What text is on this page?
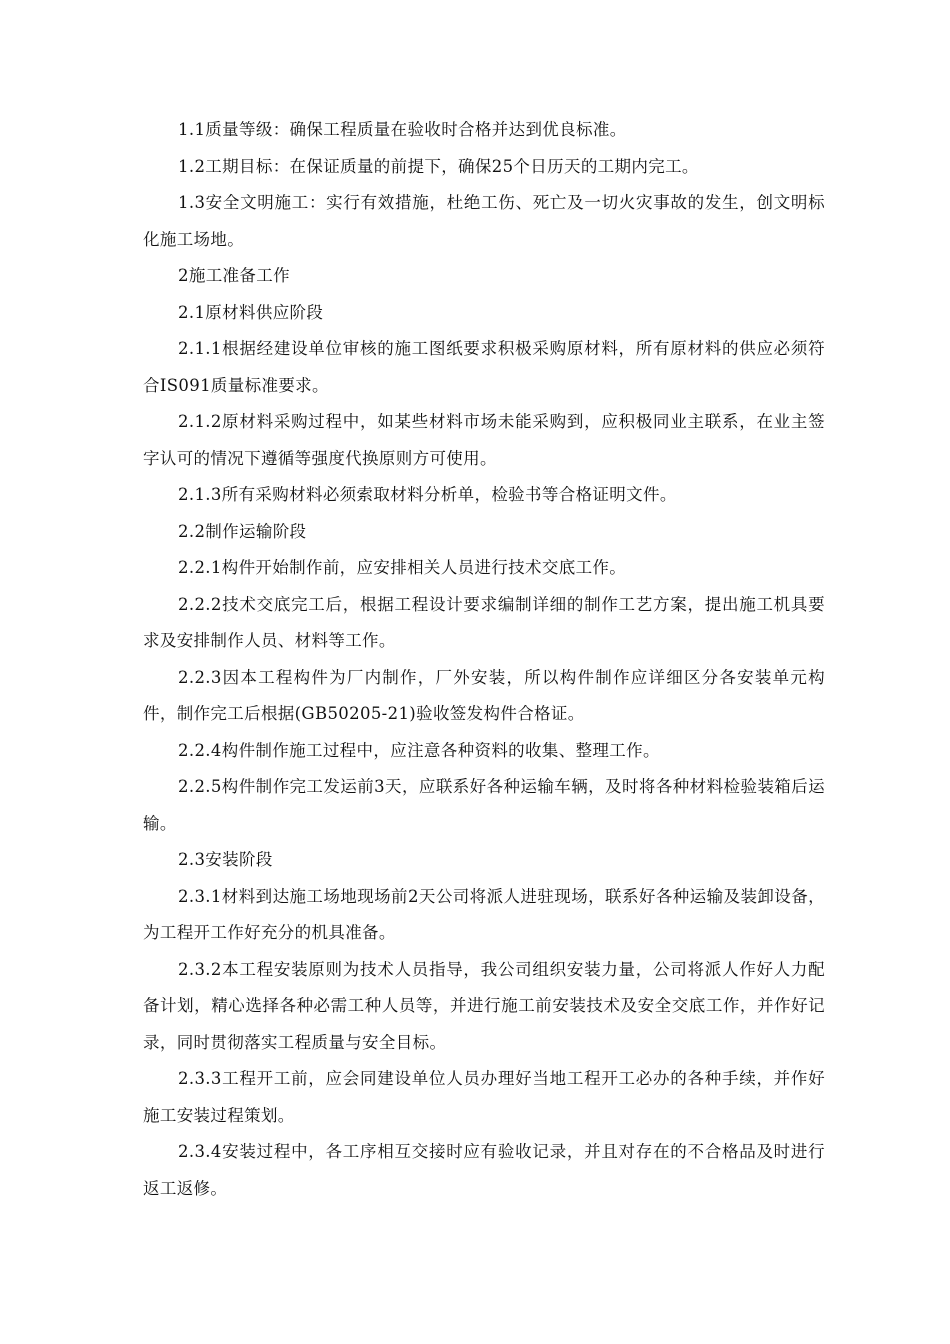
1.1质量等级：确保工程质量在验收时合格并达到优良标准。

1.2工期目标：在保证质量的前提下，确保25个日历天的工期内完工。

1.3安全文明施工：实行有效措施，杜绝工伤、死亡及一切火灾事故的发生，创文明标化施工场地。

2施工准备工作

2.1原材料供应阶段

2.1.1根据经建设单位审核的施工图纸要求积极采购原材料，所有原材料的供应必须符合IS091质量标准要求。

2.1.2原材料采购过程中，如某些材料市场未能采购到，应积极同业主联系，在业主签字认可的情况下遵循等强度代换原则方可使用。

2.1.3所有采购材料必须索取材料分析单，检验书等合格证明文件。

2.2制作运输阶段

2.2.1构件开始制作前，应安排相关人员进行技术交底工作。

2.2.2技术交底完工后，根据工程设计要求编制详细的制作工艺方案，提出施工机具要求及安排制作人员、材料等工作。

2.2.3因本工程构件为厂内制作，厂外安装，所以构件制作应详细区分各安装单元构件，制作完工后根据(GB50205-21)验收签发构件合格证。

2.2.4构件制作施工过程中，应注意各种资料的收集、整理工作。

2.2.5构件制作完工发运前3天，应联系好各种运输车辆，及时将各种材料检验装箱后运输。

2.3安装阶段

2.3.1材料到达施工场地现场前2天公司将派人进驻现场，联系好各种运输及装卸设备，为工程开工作好充分的机具准备。

2.3.2本工程安装原则为技术人员指导，我公司组织安装力量，公司将派人作好人力配备计划，精心选择各种必需工种人员等，并进行施工前安装技术及安全交底工作，并作好记录，同时贯彻落实工程质量与安全目标。

2.3.3工程开工前，应会同建设单位人员办理好当地工程开工必办的各种手续，并作好施工安装过程策划。

2.3.4安装过程中，各工序相互交接时应有验收记录，并且对存在的不合格品及时进行返工返修。
